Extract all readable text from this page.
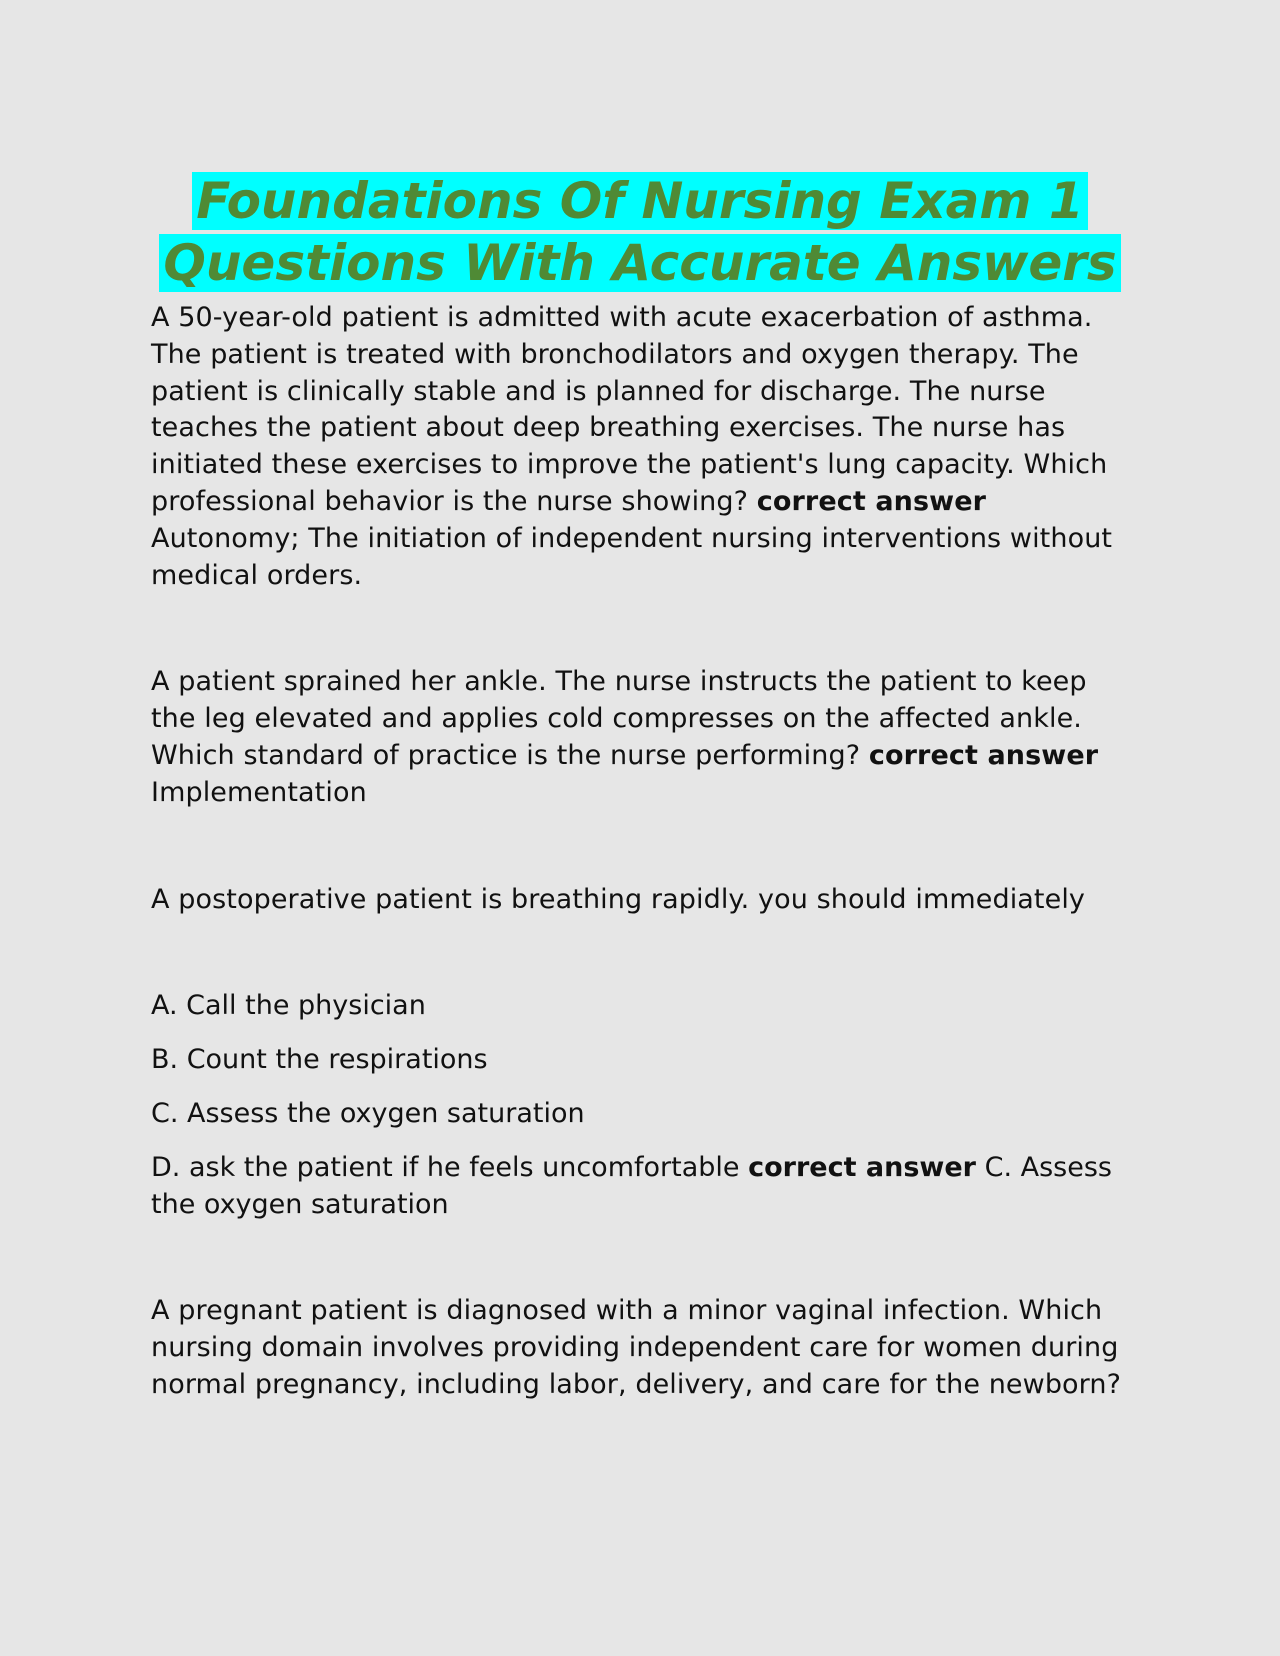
Foundations Of Nursing Exam 1
Questions With Accurate Answers

A 50-year-old patient is admitted with acute exacerbation of asthma. The patient is treated with bronchodilators and oxygen therapy. The patient is clinically stable and is planned for discharge. The nurse teaches the patient about deep breathing exercises. The nurse has initiated these exercises to improve the patient's lung capacity. Which professional behavior is the nurse showing? correct answer Autonomy; The initiation of independent nursing interventions without medical orders.

A patient sprained her ankle. The nurse instructs the patient to keep the leg elevated and applies cold compresses on the affected ankle. Which standard of practice is the nurse performing? correct answer Implementation

A postoperative patient is breathing rapidly. you should immediately

A. Call the physician

B. Count the respirations

C. Assess the oxygen saturation

D. ask the patient if he feels uncomfortable correct answer C. Assess the oxygen saturation

A pregnant patient is diagnosed with a minor vaginal infection. Which nursing domain involves providing independent care for women during normal pregnancy, including labor, delivery, and care for the newborn?
